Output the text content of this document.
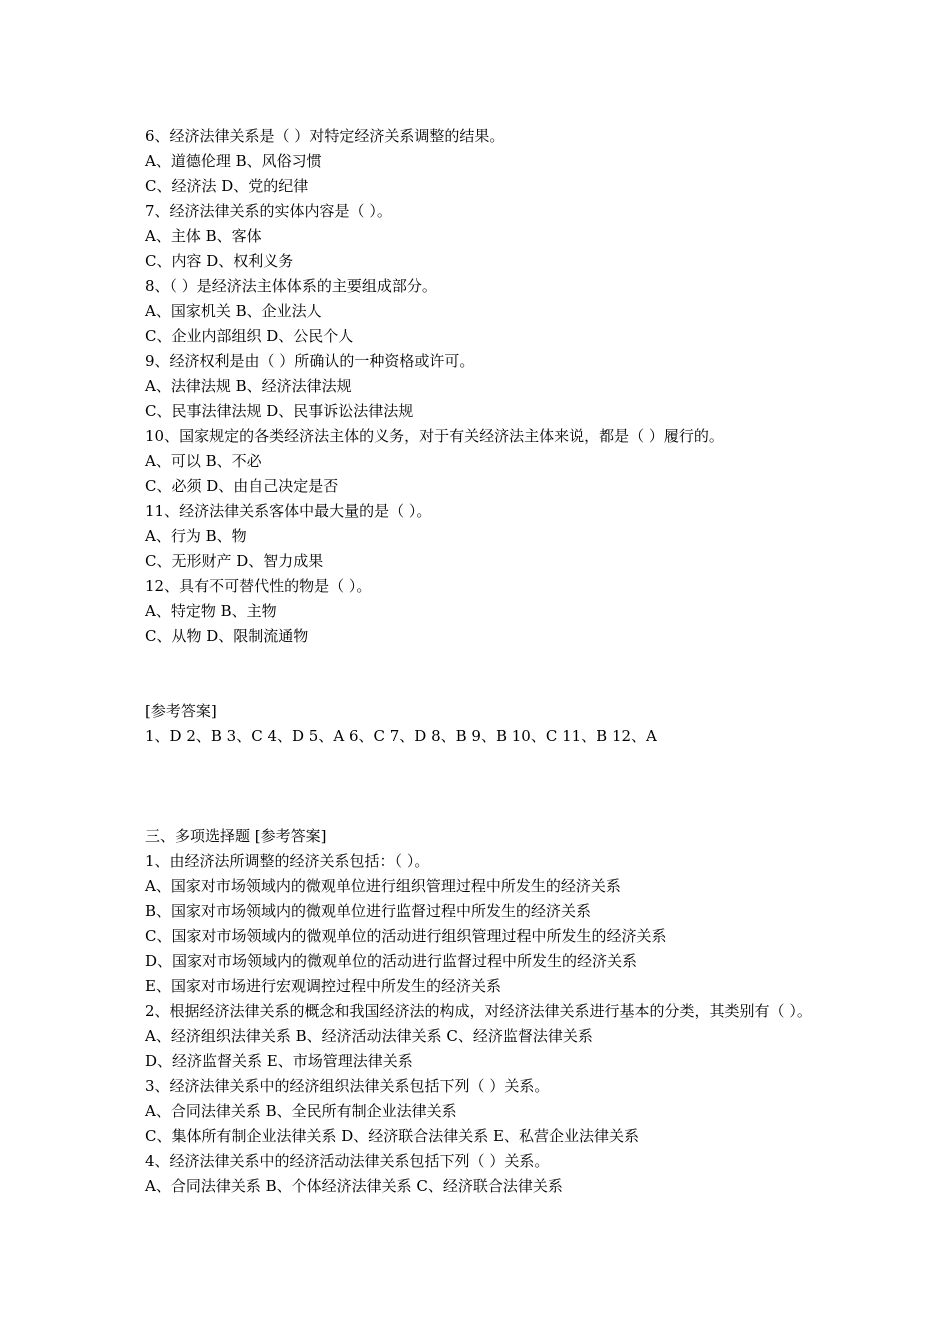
6、经济法律关系是（ ）对特定经济关系调整的结果。
A、道德伦理 B、风俗习惯
C、经济法 D、党的纪律
7、经济法律关系的实体内容是（ ）。
A、主体 B、客体
C、内容 D、权利义务
8、（ ）是经济法主体体系的主要组成部分。
A、国家机关 B、企业法人
C、企业内部组织 D、公民个人
9、经济权利是由（ ）所确认的一种资格或许可。
A、法律法规 B、经济法律法规
C、民事法律法规 D、民事诉讼法律法规
10、国家规定的各类经济法主体的义务，对于有关经济法主体来说，都是（ ）履行的。
A、可以 B、不必
C、必须 D、由自己决定是否
11、经济法律关系客体中最大量的是（ ）。
A、行为 B、物
C、无形财产 D、智力成果
12、具有不可替代性的物是（ ）。
A、特定物 B、主物
C、从物 D、限制流通物
[参考答案]
1、D 2、B 3、C 4、D 5、A 6、C 7、D 8、B 9、B 10、C 11、B 12、A
三、多项选择题 [参考答案]
1、由经济法所调整的经济关系包括：（ ）。
A、国家对市场领域内的微观单位进行组织管理过程中所发生的经济关系
B、国家对市场领域内的微观单位进行监督过程中所发生的经济关系
C、国家对市场领域内的微观单位的活动进行组织管理过程中所发生的经济关系
D、国家对市场领域内的微观单位的活动进行监督过程中所发生的经济关系
E、国家对市场进行宏观调控过程中所发生的经济关系
2、根据经济法律关系的概念和我国经济法的构成，对经济法律关系进行基本的分类，其类别有（ ）。
A、经济组织法律关系 B、经济活动法律关系 C、经济监督法律关系
D、经济监督关系 E、市场管理法律关系
3、经济法律关系中的经济组织法律关系包括下列（ ）关系。
A、合同法律关系 B、全民所有制企业法律关系
C、集体所有制企业法律关系 D、经济联合法律关系 E、私营企业法律关系
4、经济法律关系中的经济活动法律关系包括下列（ ）关系。
A、合同法律关系 B、个体经济法律关系 C、经济联合法律关系
